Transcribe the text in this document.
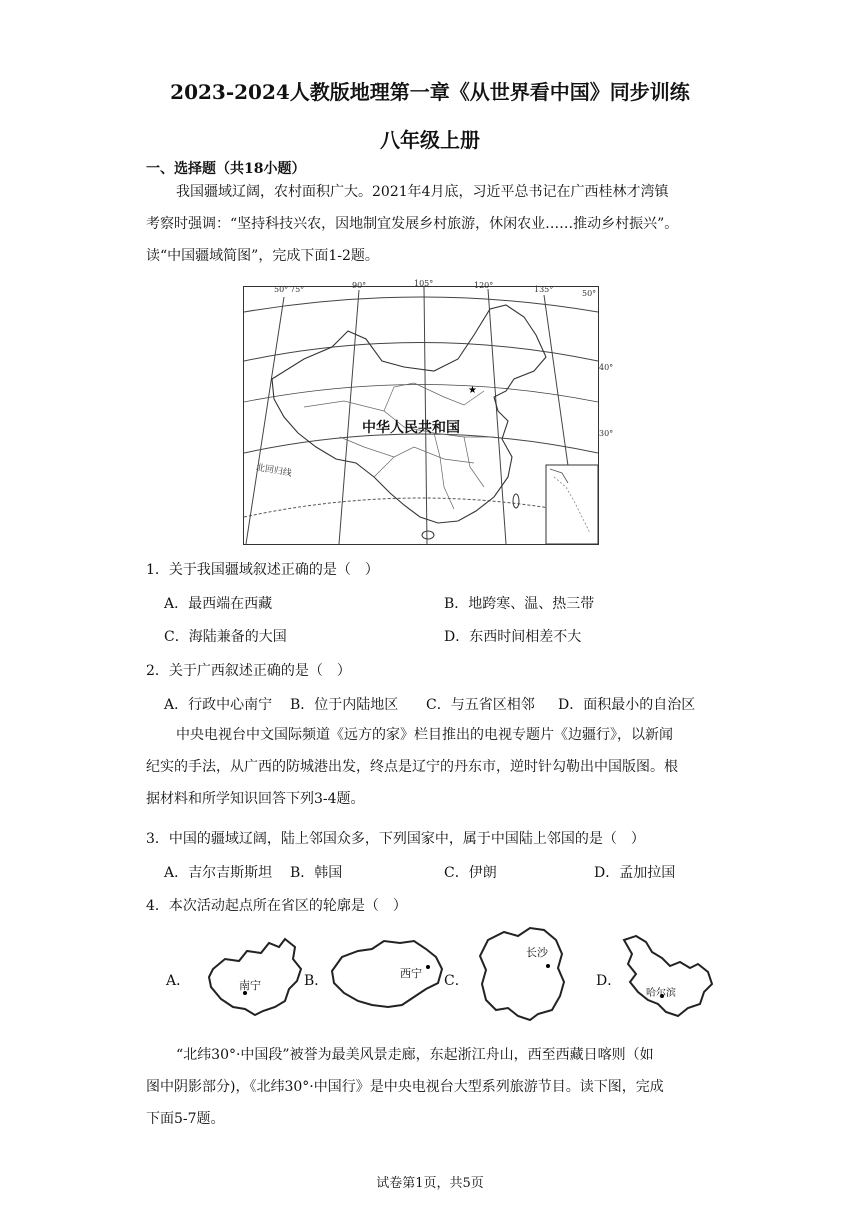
2023-2024人教版地理第一章《从世界看中国》同步训练
八年级上册
一、选择题（共18小题）

我国疆域辽阔，农村面积广大。2021年4月底，习近平总书记在广西桂林才湾镇

考察时强调：“坚持科技兴农，因地制宜发展乡村旅游，休闲农业……推动乡村振兴”。
读“中国疆域简图”，完成下面1-2题。
★
中华人民共和国
北回归线
50° 75°	90°	105°	120°	135°	50°
40°
30°
1．关于我国疆域叙述正确的是（　）
A．最西端在西藏	B．地跨寒、温、热三带
C．海陆兼备的大国	D．东西时间相差不大
2．关于广西叙述正确的是（　）
A．行政中心南宁 B．位于内陆地区 C．与五省区相邻 D．面积最小的自治区

中央电视台中文国际频道《远方的家》栏目推出的电视专题片《边疆行》，以新闻

纪实的手法，从广西的防城港出发，终点是辽宁的丹东市，逆时针勾勒出中国版图。根
据材料和所学知识回答下列3-4题。
3．中国的疆域辽阔，陆上邻国众多，下列国家中，属于中国陆上邻国的是（　）
A．吉尔吉斯斯坦 B．韩国	C．伊朗	D．孟加拉国
4．本次活动起点所在省区的轮廓是（　）
A．	南宁	B．	西宁 C．
长沙
D．
哈尔滨

“北纬30°·中国段”被誉为最美风景走廊，东起浙江舟山，西至西藏日喀则（如

图中阴影部分)，《北纬30°·中国行》是中央电视台大型系列旅游节目。读下图，完成
下面5-7题。
试卷第1页，共5页
